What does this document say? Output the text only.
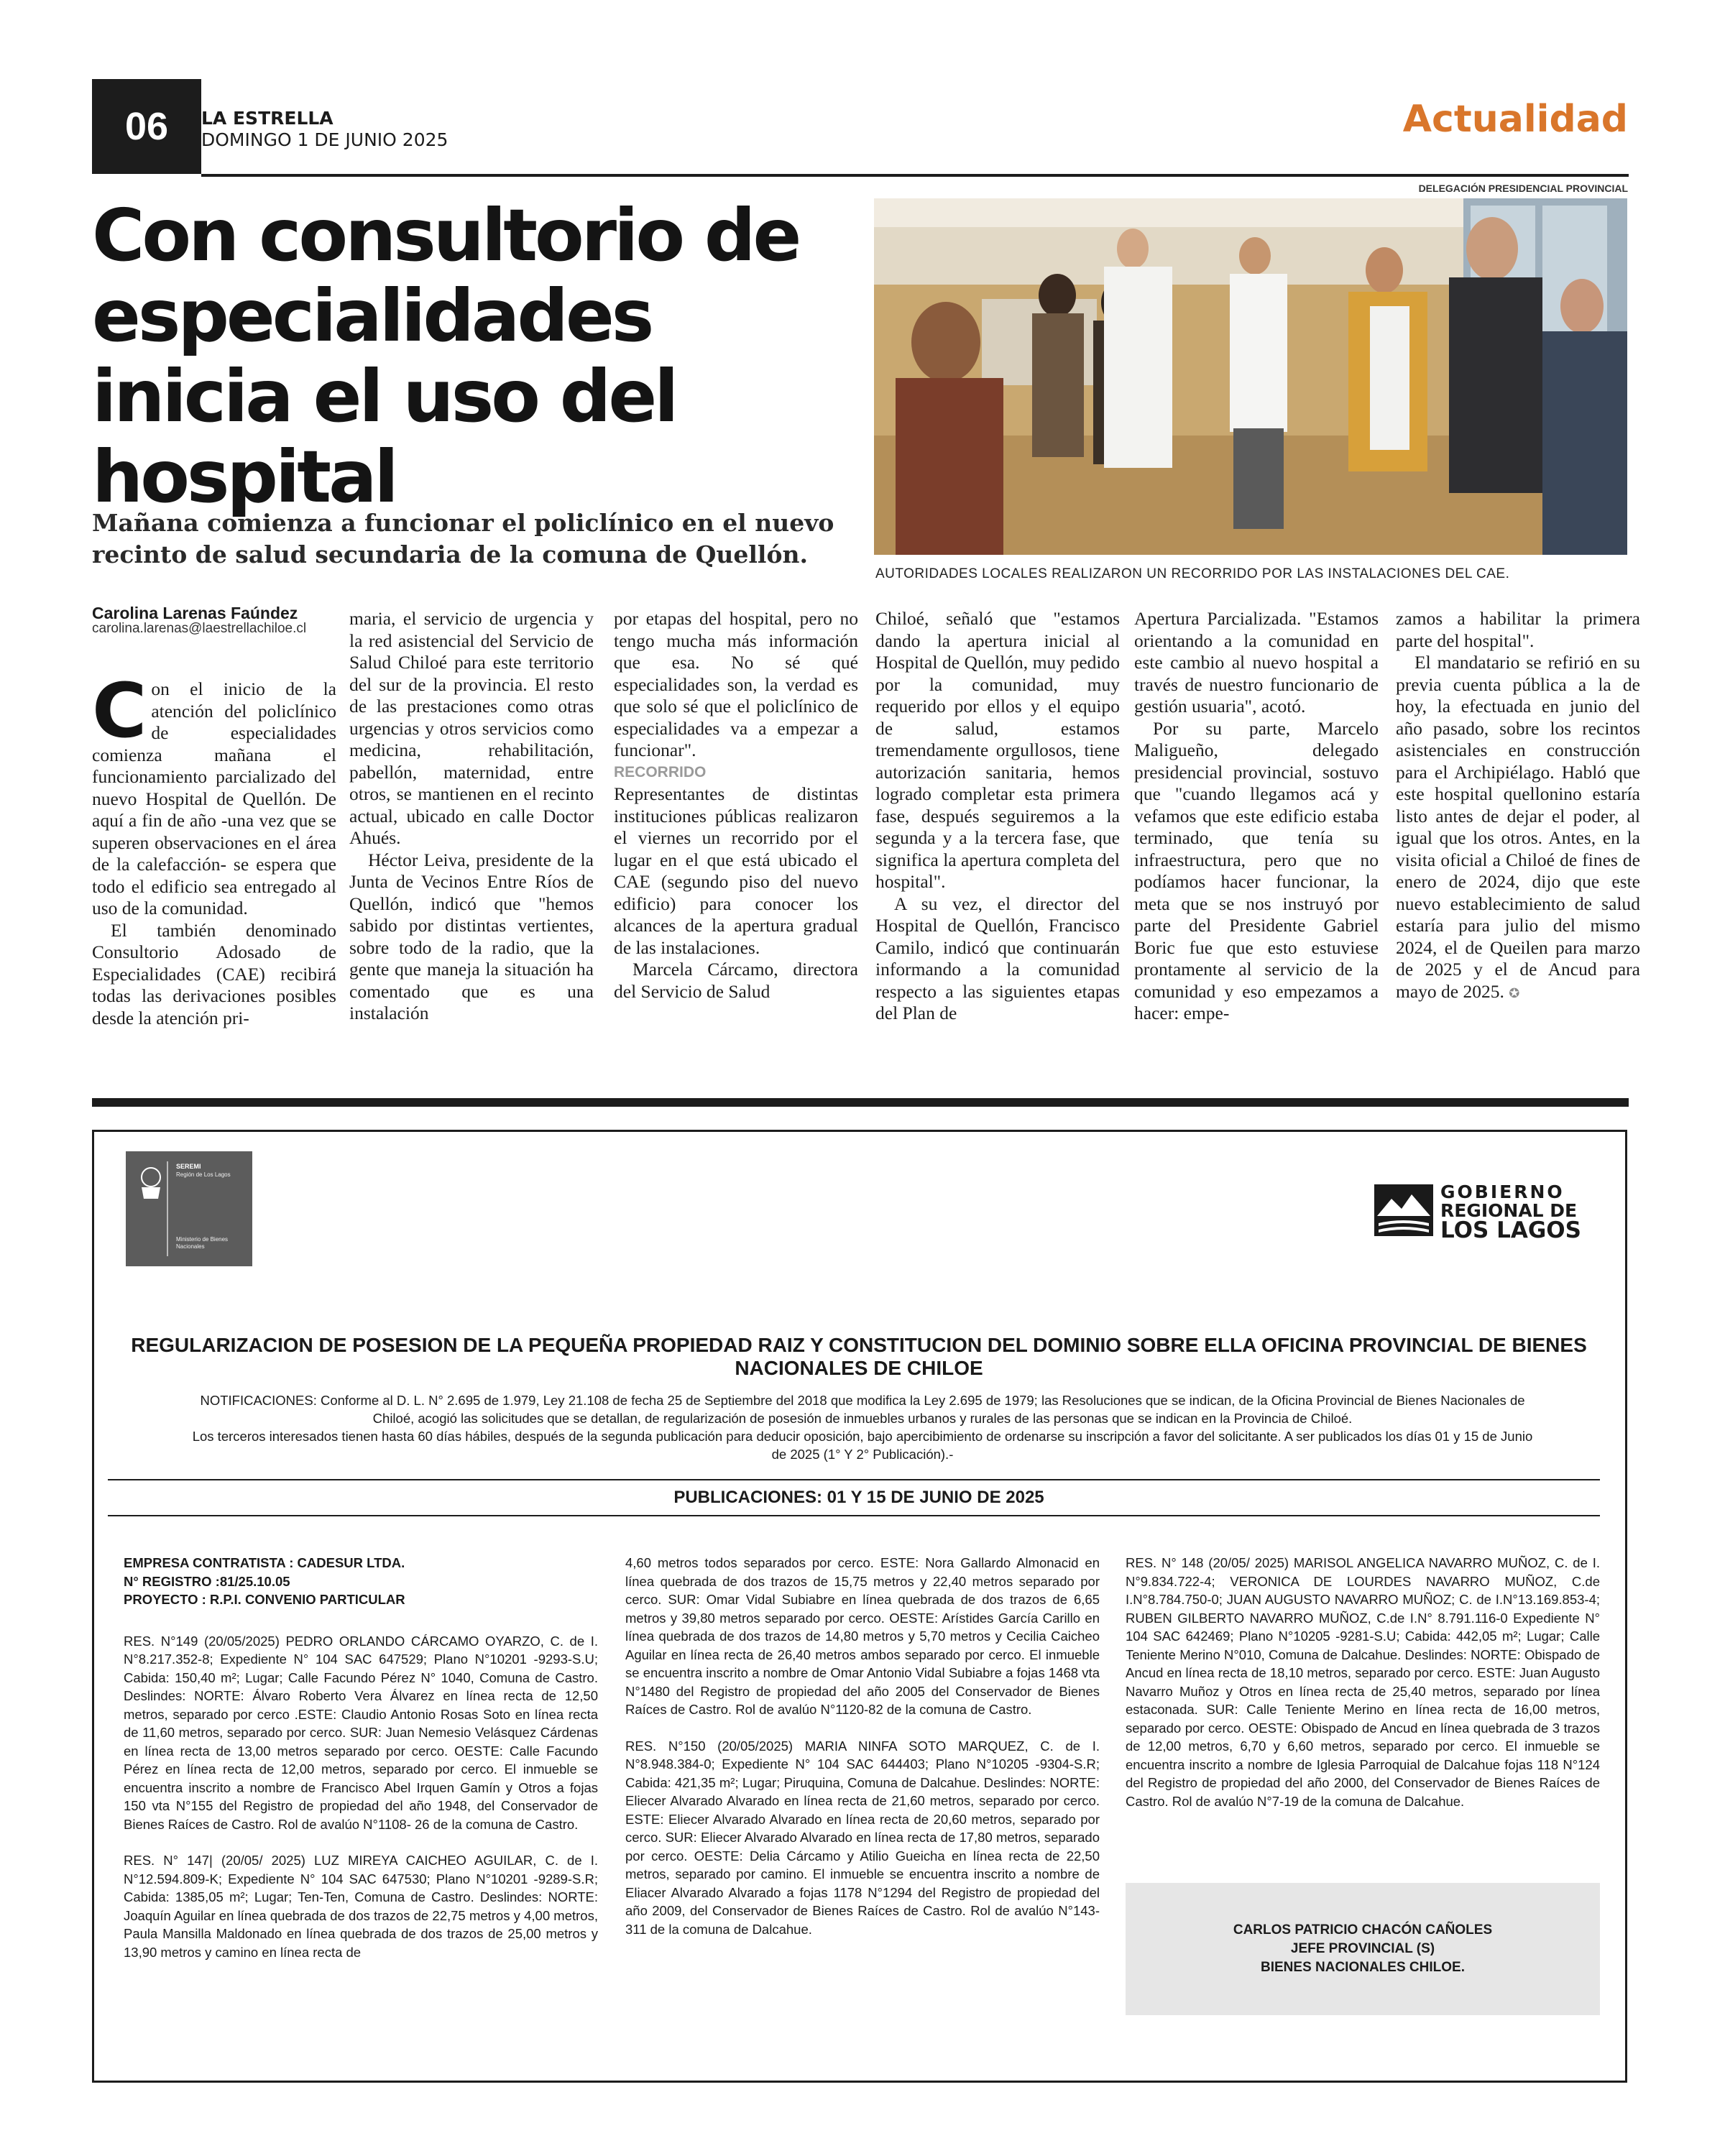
06	LA ESTRELLA
DOMINGO 1 DE JUNIO 2025	Actualidad
DELEGACIÓN PRESIDENCIAL PROVINCIAL
Con consultorio de especialidades inicia el uso del hospital
Mañana comienza a funcionar el policlínico en el nuevo recinto de salud secundaria de la comuna de Quellón.
AUTORIDADES LOCALES REALIZARON UN RECORRIDO POR LAS INSTALACIONES DEL CAE.
Carolina Larenas Faúndez
carolina.larenas@laestrellachiloe.cl

Con el inicio de la atención del policlínico de especialidades comienza mañana el funcionamiento parcializado del nuevo Hospital de Quellón. De aquí a fin de año -una vez que se superen observaciones en el área de la calefacción- se espera que todo el edificio sea entregado al uso de la comunidad.

El también denominado Consultorio Adosado de Especialidades (CAE) recibirá todas las derivaciones posibles desde la atención pri-

maria, el servicio de urgencia y la red asistencial del Servicio de Salud Chiloé para este territorio del sur de la provincia. El resto de las prestaciones como otras urgencias y otros servicios como medicina, rehabilitación, pabellón, maternidad, entre otros, se mantienen en el recinto actual, ubicado en calle Doctor Ahués.

Héctor Leiva, presidente de la Junta de Vecinos Entre Ríos de Quellón, indicó que "hemos sabido por distintas vertientes, sobre todo de la radio, que la gente que maneja la situación ha comentado que es una instalación

por etapas del hospital, pero no tengo mucha más información que esa. No sé qué especialidades son, la verdad es que solo sé que el policlínico de especialidades va a empezar a funcionar".

RECORRIDO

Representantes de distintas instituciones públicas realizaron el viernes un recorrido por el lugar en el que está ubicado el CAE (segundo piso del nuevo edificio) para conocer los alcances de la apertura gradual de las instalaciones.

Marcela Cárcamo, directora del Servicio de Salud

Chiloé, señaló que "estamos dando la apertura inicial al Hospital de Quellón, muy pedido por la comunidad, muy requerido por ellos y el equipo de salud, estamos tremendamente orgullosos, tiene autorización sanitaria, hemos logrado completar esta primera fase, después seguiremos a la segunda y a la tercera fase, que significa la apertura completa del hospital".

A su vez, el director del Hospital de Quellón, Francisco Camilo, indicó que continuarán informando a la comunidad respecto a las siguientes etapas del Plan de

Apertura Parcializada. "Estamos orientando a la comunidad en este cambio al nuevo hospital a través de nuestro funcionario de gestión usuaria", acotó.

Por su parte, Marcelo Maligueño, delegado presidencial provincial, sostuvo que "cuando llegamos acá y vefamos que este edificio estaba terminado, que tenía su infraestructura, pero que no podíamos hacer funcionar, la meta que se nos instruyó por parte del Presidente Gabriel Boric fue que esto estuviese prontamente al servicio de la comunidad y eso empezamos a hacer: empe-

zamos a habilitar la primera parte del hospital".

El mandatario se refirió en su previa cuenta pública a la de hoy, la efectuada en junio del año pasado, sobre los recintos asistenciales en construcción para el Archipiélago. Habló que este hospital quellonino estaría listo antes de dejar el poder, al igual que los otros. Antes, en la visita oficial a Chiloé de fines de enero de 2024, dijo que este nuevo establecimiento de salud estaría para julio del mismo 2024, el de Queilen para marzo de 2025 y el de Ancud para mayo de 2025. ✪

SEREMI
Región de Los Lagos
Ministerio de Bienes Nacionales
GOBIERNO
REGIONAL DE
LOS LAGOS
REGULARIZACION DE POSESION DE LA PEQUEÑA PROPIEDAD RAIZ Y CONSTITUCION DEL DOMINIO SOBRE ELLA OFICINA PROVINCIAL DE BIENES NACIONALES DE CHILOE
NOTIFICACIONES: Conforme al D. L. N° 2.695 de 1.979, Ley 21.108 de fecha 25 de Septiembre del 2018 que modifica la Ley 2.695 de 1979; las Resoluciones que se indican, de la Oficina Provincial de Bienes Nacionales de Chiloé, acogió las solicitudes que se detallan, de regularización de posesión de inmuebles urbanos y rurales de las personas que se indican en la Provincia de Chiloé.
Los terceros interesados tienen hasta 60 días hábiles, después de la segunda publicación para deducir oposición, bajo apercibimiento de ordenarse su inscripción a favor del solicitante. A ser publicados los días 01 y 15 de Junio de 2025 (1° Y 2° Publicación).-
PUBLICACIONES: 01 Y 15 DE JUNIO DE 2025

EMPRESA CONTRATISTA : CADESUR LTDA.
N° REGISTRO :81/25.10.05
PROYECTO : R.P.I. CONVENIO PARTICULAR

RES. N°149 (20/05/2025) PEDRO ORLANDO CÁRCAMO OYARZO, C. de I. N°8.217.352-8; Expediente N° 104 SAC 647529; Plano N°10201 -9293-S.U; Cabida: 150,40 m²; Lugar; Calle Facundo Pérez N° 1040, Comuna de Castro. Deslindes: NORTE: Álvaro Roberto Vera Álvarez en línea recta de 12,50 metros, separado por cerco .ESTE: Claudio Antonio Rosas Soto en línea recta de 11,60 metros, separado por cerco. SUR: Juan Nemesio Velásquez Cárdenas en línea recta de 13,00 metros separado por cerco. OESTE: Calle Facundo Pérez en línea recta de 12,00 metros, separado por cerco. El inmueble se encuentra inscrito a nombre de Francisco Abel Irquen Gamín y Otros a fojas 150 vta N°155 del Registro de propiedad del año 1948, del Conservador de Bienes Raíces de Castro. Rol de avalúo N°1108- 26 de la comuna de Castro.

RES. N° 147| (20/05/ 2025) LUZ MIREYA CAICHEO AGUILAR, C. de I. N°12.594.809-K; Expediente N° 104 SAC 647530; Plano N°10201 -9289-S.R; Cabida: 1385,05 m²; Lugar; Ten-Ten, Comuna de Castro. Deslindes: NORTE: Joaquín Aguilar en línea quebrada de dos trazos de 22,75 metros y 4,00 metros, Paula Mansilla Maldonado en línea quebrada de dos trazos de 25,00 metros y 13,90 metros y camino en línea recta de

4,60 metros todos separados por cerco. ESTE: Nora Gallardo Almonacid en línea quebrada de dos trazos de 15,75 metros y 22,40 metros separado por cerco. SUR: Omar Vidal Subiabre en línea quebrada de dos trazos de 6,65 metros y 39,80 metros separado por cerco. OESTE: Arístides García Carillo en línea quebrada de dos trazos de 14,80 metros y 5,70 metros y Cecilia Caicheo Aguilar en línea recta de 26,40 metros ambos separado por cerco. El inmueble se encuentra inscrito a nombre de Omar Antonio Vidal Subiabre a fojas 1468 vta N°1480 del Registro de propiedad del año 2005 del Conservador de Bienes Raíces de Castro. Rol de avalúo N°1120-82 de la comuna de Castro.

RES. N°150 (20/05/2025) MARIA NINFA SOTO MARQUEZ, C. de I. N°8.948.384-0; Expediente N° 104 SAC 644403; Plano N°10205 -9304-S.R; Cabida: 421,35 m²; Lugar; Piruquina, Comuna de Dalcahue. Deslindes: NORTE: Eliecer Alvarado Alvarado en línea recta de 21,60 metros, separado por cerco. ESTE: Eliecer Alvarado Alvarado en línea recta de 20,60 metros, separado por cerco. SUR: Eliecer Alvarado Alvarado en línea recta de 17,80 metros, separado por cerco. OESTE: Delia Cárcamo y Atilio Gueicha en línea recta de 22,50 metros, separado por camino. El inmueble se encuentra inscrito a nombre de Eliacer Alvarado Alvarado a fojas 1178 N°1294 del Registro de propiedad del año 2009, del Conservador de Bienes Raíces de Castro. Rol de avalúo N°143-311 de la comuna de Dalcahue.

RES. N° 148 (20/05/ 2025) MARISOL ANGELICA NAVARRO MUÑOZ, C. de I. N°9.834.722-4; VERONICA DE LOURDES NAVARRO MUÑOZ, C.de I.N°8.784.750-0; JUAN AUGUSTO NAVARRO MUÑOZ; C. de I.N°13.169.853-4; RUBEN GILBERTO NAVARRO MUÑOZ, C.de I.N° 8.791.116-0 Expediente N° 104 SAC 642469; Plano N°10205 -9281-S.U; Cabida: 442,05 m²; Lugar; Calle Teniente Merino N°010, Comuna de Dalcahue. Deslindes: NORTE: Obispado de Ancud en línea recta de 18,10 metros, separado por cerco. ESTE: Juan Augusto Navarro Muñoz y Otros en línea recta de 25,40 metros, separado por línea estaconada. SUR: Calle Teniente Merino en línea recta de 16,00 metros, separado por cerco. OESTE: Obispado de Ancud en línea quebrada de 3 trazos de 12,00 metros, 6,70 y 6,60 metros, separado por cerco. El inmueble se encuentra inscrito a nombre de Iglesia Parroquial de Dalcahue fojas 118 N°124 del Registro de propiedad del año 2000, del Conservador de Bienes Raíces de Castro. Rol de avalúo N°7-19 de la comuna de Dalcahue.

CARLOS PATRICIO CHACÓN CAÑOLES
JEFE PROVINCIAL (S)
BIENES NACIONALES CHILOE.
